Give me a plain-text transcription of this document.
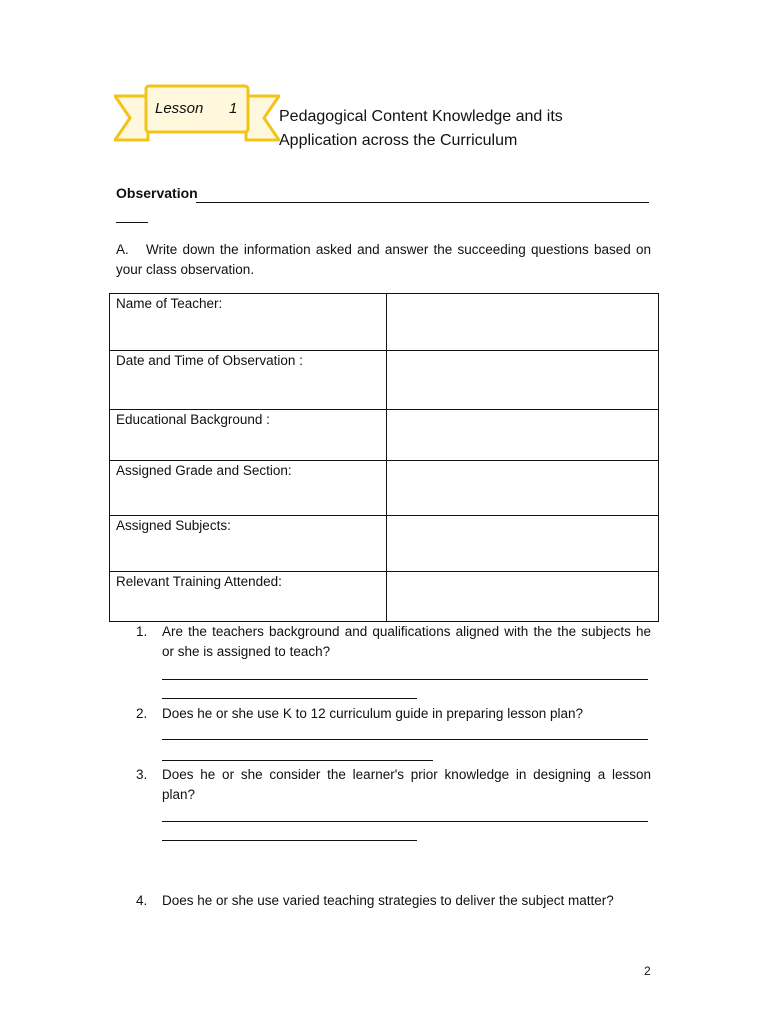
Lesson 1	Pedagogical Content Knowledge and its
Application across the Curriculum
Observation
A. Write down the information asked and answer the succeeding questions based on your class observation.
Name of Teacher:	
Date and Time of Observation :	
Educational Background :	
Assigned Grade and Section:	
Assigned Subjects:	
Relevant Training Attended:	
1. Are the teachers background and qualifications aligned with the the subjects he or she is assigned to teach?
2. Does he or she use K to 12 curriculum guide in preparing lesson plan?
3. Does he or she consider the learner's prior knowledge in designing a lesson plan?
4. Does he or she use varied teaching strategies to deliver the subject matter?
2
